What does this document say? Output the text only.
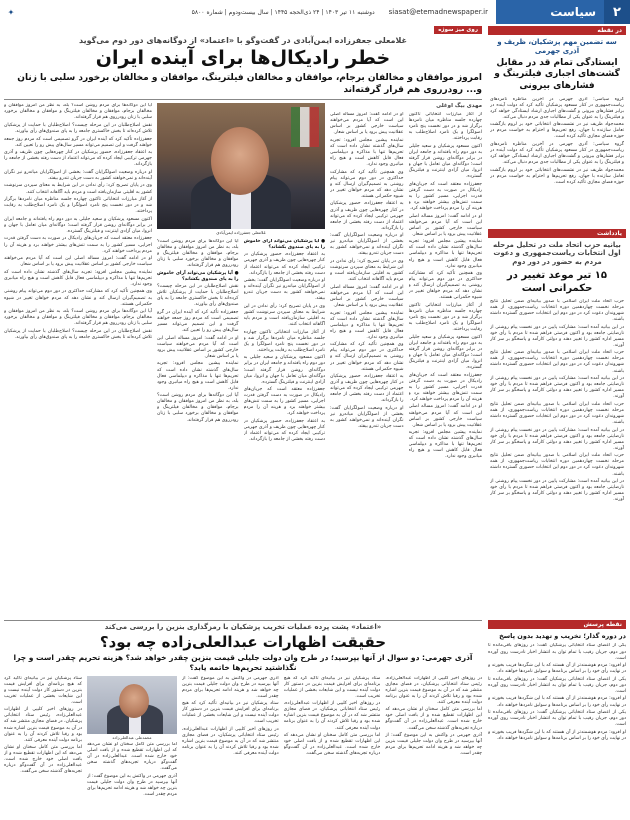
۲
سیاست
siasat@etemadnewspaper.ir
دوشنبه ۱۱ تیر ۱۴۰۳ | ۲۴ ذی‌الحجه ۱۴۴۵ | سال بیست‌ودوم | شماره ۵۸۰۰
✦
در نقطه
سه تضمین مهم پزشکیان، ظریف و آذری جهرمی
ایستادگی تمام قد در مقابل گشت‌های اجباری فیلترینگ و فشارهای بیرونی

گروه سیاسی: آذری جهرمی در آخرین مناظره نامزدهای ریاست‌جمهوری در کنار مسعود پزشکیان تأکید کرد که دولت آینده در برابر فشارهای بیرونی و گشت‌های اجباری ارشاد ایستادگی خواهد کرد و فیلترینگ را به عنوان یکی از مطالبات جدی مردم دنبال می‌کند.

محمدجواد ظریف نیز در نشست‌های انتخاباتی خود بر لزوم بازگشت تعامل سازنده با جهان، رفع تحریم‌ها و احترام به خواست مردم در حوزه فضای مجازی تأکید کرده است.

گروه سیاسی: آذری جهرمی در آخرین مناظره نامزدهای ریاست‌جمهوری در کنار مسعود پزشکیان تأکید کرد که دولت آینده در برابر فشارهای بیرونی و گشت‌های اجباری ارشاد ایستادگی خواهد کرد و فیلترینگ را به عنوان یکی از مطالبات جدی مردم دنبال می‌کند.

محمدجواد ظریف نیز در نشست‌های انتخاباتی خود بر لزوم بازگشت تعامل سازنده با جهان، رفع تحریم‌ها و احترام به خواست مردم در حوزه فضای مجازی تأکید کرده است.

یادداشت
بیانیه حزب اتحاد ملت در تحلیل مرحله اول انتخابات ریاست‌جمهوری و دعوت مردم به حضور در دور دوم
۱۵ تیر موعد تغییر در حکمرانی است

حزب اتحاد ملت ایران اسلامی با صدور بیانیه‌ای ضمن تحلیل نتایج مرحله نخست چهاردهمین دوره انتخابات ریاست‌جمهوری، از همه شهروندان دعوت کرد در دور دوم این انتخابات حضوری گسترده داشته باشند.

در این بیانیه آمده است: مشارکت پایین در دور نخست پیام روشنی از نارضایتی جامعه بود و اکنون فرصتی فراهم شده تا مردم با رأی خود مسیر اداره کشور را تغییر دهند و دولتی کارآمد و پاسخگو بر سر کار آورند.

حزب اتحاد ملت ایران اسلامی با صدور بیانیه‌ای ضمن تحلیل نتایج مرحله نخست چهاردهمین دوره انتخابات ریاست‌جمهوری، از همه شهروندان دعوت کرد در دور دوم این انتخابات حضوری گسترده داشته باشند.

در این بیانیه آمده است: مشارکت پایین در دور نخست پیام روشنی از نارضایتی جامعه بود و اکنون فرصتی فراهم شده تا مردم با رأی خود مسیر اداره کشور را تغییر دهند و دولتی کارآمد و پاسخگو بر سر کار آورند.

حزب اتحاد ملت ایران اسلامی با صدور بیانیه‌ای ضمن تحلیل نتایج مرحله نخست چهاردهمین دوره انتخابات ریاست‌جمهوری، از همه شهروندان دعوت کرد در دور دوم این انتخابات حضوری گسترده داشته باشند.

در این بیانیه آمده است: مشارکت پایین در دور نخست پیام روشنی از نارضایتی جامعه بود و اکنون فرصتی فراهم شده تا مردم با رأی خود مسیر اداره کشور را تغییر دهند و دولتی کارآمد و پاسخگو بر سر کار آورند.

حزب اتحاد ملت ایران اسلامی با صدور بیانیه‌ای ضمن تحلیل نتایج مرحله نخست چهاردهمین دوره انتخابات ریاست‌جمهوری، از همه شهروندان دعوت کرد در دور دوم این انتخابات حضوری گسترده داشته باشند.

در این بیانیه آمده است: مشارکت پایین در دور نخست پیام روشنی از نارضایتی جامعه بود و اکنون فرصتی فراهم شده تا مردم با رأی خود مسیر اداره کشور را تغییر دهند و دولتی کارآمد و پاسخگو بر سر کار آورند.

روی میز سوژه
غلامعلی جعفرزاده ایمن‌آبادی در گفت‌وگو با «اعتماد» از دوگانه‌های دور دوم می‌گوید
خطر رادیکال‌ها برای آینده ایران
امروز موافقان و مخالفان برجام، موافقان و مخالفان فیلترینگ، موافقان و مخالفان برخورد سلبی با زنان و... رودرروی هم قرار گرفته‌اند
مهدی بیگ اوغلی

از آغاز مبارزات انتخاباتی تاکنون چهارده جلسه مناظره میان نامزدها برگزار شد و در دور نخست پنج نامزد اصولگرا و یک نامزد اصلاح‌طلب به رقابت پرداختند.

اکنون مسعود پزشکیان و سعید جلیلی به دور دوم راه یافته‌اند و جامعه ایران در برابر دوگانه‌ای روشن قرار گرفته است؛ دوگانه‌ای میان تعامل با جهان و انزوا، میان آزادی اینترنت و فیلترینگ گسترده.

جعفرزاده معتقد است که جریان‌های رادیکال در صورت به دست گرفتن قدرت اجرایی، مسیر کشور را به سمت تنش‌های بیشتر خواهند برد و هزینه آن را مردم پرداخت خواهند کرد.

او در ادامه گفت: امروز مساله اصلی این است که آیا مردم می‌خواهند سیاست خارجی کشور بر اساس عقلانیت پیش برود یا بر اساس شعار.

نماینده پیشین مجلس افزود: تجربه سال‌های گذشته نشان داده است که تحریم‌ها تنها با مذاکره و دیپلماسی فعال قابل کاهش است و هیچ راه میانبری وجود ندارد.

وی همچنین تأکید کرد که مشارکت حداکثری در دور دوم می‌تواند پیام روشنی به تصمیم‌گیران ارسال کند و نشان دهد که مردم خواهان تغییر در شیوه حکمرانی هستند.

از آغاز مبارزات انتخاباتی تاکنون چهارده جلسه مناظره میان نامزدها برگزار شد و در دور نخست پنج نامزد اصولگرا و یک نامزد اصلاح‌طلب به رقابت پرداختند.

اکنون مسعود پزشکیان و سعید جلیلی به دور دوم راه یافته‌اند و جامعه ایران در برابر دوگانه‌ای روشن قرار گرفته است؛ دوگانه‌ای میان تعامل با جهان و انزوا، میان آزادی اینترنت و فیلترینگ گسترده.

جعفرزاده معتقد است که جریان‌های رادیکال در صورت به دست گرفتن قدرت اجرایی، مسیر کشور را به سمت تنش‌های بیشتر خواهند برد و هزینه آن را مردم پرداخت خواهند کرد.

او در ادامه گفت: امروز مساله اصلی این است که آیا مردم می‌خواهند سیاست خارجی کشور بر اساس عقلانیت پیش برود یا بر اساس شعار.

نماینده پیشین مجلس افزود: تجربه سال‌های گذشته نشان داده است که تحریم‌ها تنها با مذاکره و دیپلماسی فعال قابل کاهش است و هیچ راه میانبری وجود ندارد.

او در ادامه گفت: امروز مساله اصلی این است که آیا مردم می‌خواهند سیاست خارجی کشور بر اساس عقلانیت پیش برود یا بر اساس شعار.

نماینده پیشین مجلس افزود: تجربه سال‌های گذشته نشان داده است که تحریم‌ها تنها با مذاکره و دیپلماسی فعال قابل کاهش است و هیچ راه میانبری وجود ندارد.

وی همچنین تأکید کرد که مشارکت حداکثری در دور دوم می‌تواند پیام روشنی به تصمیم‌گیران ارسال کند و نشان دهد که مردم خواهان تغییر در شیوه حکمرانی هستند.

به اعتقاد جعفرزاده، حضور پزشکیان در کنار چهره‌هایی چون ظریف و آذری جهرمی ترکیبی ایجاد کرده که می‌تواند اعتماد از دست رفته بخشی از جامعه را بازگرداند.

او درباره وضعیت اصولگرایان گفت: بخشی از اصولگرایان میانه‌رو نیز نگران آینده‌اند و نمی‌خواهند کشور به دست جریان تندرو بیفتد.

وی در پایان تصریح کرد: رأی ندادن در این شرایط به معنای سپردن سرنوشت کشور به اقلیتی سازمان‌یافته است و مردم باید آگاهانه انتخاب کنند.

او در ادامه گفت: امروز مساله اصلی این است که آیا مردم می‌خواهند سیاست خارجی کشور بر اساس عقلانیت پیش برود یا بر اساس شعار.

نماینده پیشین مجلس افزود: تجربه سال‌های گذشته نشان داده است که تحریم‌ها تنها با مذاکره و دیپلماسی فعال قابل کاهش است و هیچ راه میانبری وجود ندارد.

وی همچنین تأکید کرد که مشارکت حداکثری در دور دوم می‌تواند پیام روشنی به تصمیم‌گیران ارسال کند و نشان دهد که مردم خواهان تغییر در شیوه حکمرانی هستند.

به اعتقاد جعفرزاده، حضور پزشکیان در کنار چهره‌هایی چون ظریف و آذری جهرمی ترکیبی ایجاد کرده که می‌تواند اعتماد از دست رفته بخشی از جامعه را بازگرداند.

او درباره وضعیت اصولگرایان گفت: بخشی از اصولگرایان میانه‌رو نیز نگران آینده‌اند و نمی‌خواهند کشور به دست جریان تندرو بیفتد.

غلامعلی جعفرزاده ایمن‌آبادی

● آیا پزشکیان می‌تواند آرای خاموش را به پای صندوق بکشاند؟

به اعتقاد جعفرزاده، حضور پزشکیان در کنار چهره‌هایی چون ظریف و آذری جهرمی ترکیبی ایجاد کرده که می‌تواند اعتماد از دست رفته بخشی از جامعه را بازگرداند.

او درباره وضعیت اصولگرایان گفت: بخشی از اصولگرایان میانه‌رو نیز نگران آینده‌اند و نمی‌خواهند کشور به دست جریان تندرو بیفتد.

وی در پایان تصریح کرد: رأی ندادن در این شرایط به معنای سپردن سرنوشت کشور به اقلیتی سازمان‌یافته است و مردم باید آگاهانه انتخاب کنند.

از آغاز مبارزات انتخاباتی تاکنون چهارده جلسه مناظره میان نامزدها برگزار شد و در دور نخست پنج نامزد اصولگرا و یک نامزد اصلاح‌طلب به رقابت پرداختند.

اکنون مسعود پزشکیان و سعید جلیلی به دور دوم راه یافته‌اند و جامعه ایران در برابر دوگانه‌ای روشن قرار گرفته است؛ دوگانه‌ای میان تعامل با جهان و انزوا، میان آزادی اینترنت و فیلترینگ گسترده.

جعفرزاده معتقد است که جریان‌های رادیکال در صورت به دست گرفتن قدرت اجرایی، مسیر کشور را به سمت تنش‌های بیشتر خواهند برد و هزینه آن را مردم پرداخت خواهند کرد.

به اعتقاد جعفرزاده، حضور پزشکیان در کنار چهره‌هایی چون ظریف و آذری جهرمی ترکیبی ایجاد کرده که می‌تواند اعتماد از دست رفته بخشی از جامعه را بازگرداند.

آیا این دوگانه‌ها برای مردم روشن است؟ بله، به نظر من امروز موافقان و مخالفان برجام، موافقان و مخالفان فیلترینگ و موافقان و مخالفان برخورد سلبی با زنان رودرروی هم قرار گرفته‌اند.

● آیا پزشکیان می‌تواند آرای خاموش را به پای صندوق بکشاند؟

نقش اصلاح‌طلبان در این مرحله چیست؟ اصلاح‌طلبان با حمایت از پزشکیان تلاش کرده‌اند تا بخش خاکستری جامعه را به پای صندوق‌های رأی بیاورند.

جعفرزاده تأکید کرد که آینده ایران در گرو تصمیمی است که مردم روز جمعه خواهند گرفت و این تصمیم می‌تواند مسیر سال‌های پیش رو را تعیین کند.

او در ادامه گفت: امروز مساله اصلی این است که آیا مردم می‌خواهند سیاست خارجی کشور بر اساس عقلانیت پیش برود یا بر اساس شعار.

نماینده پیشین مجلس افزود: تجربه سال‌های گذشته نشان داده است که تحریم‌ها تنها با مذاکره و دیپلماسی فعال قابل کاهش است و هیچ راه میانبری وجود ندارد.

آیا این دوگانه‌ها برای مردم روشن است؟ بله، به نظر من امروز موافقان و مخالفان برجام، موافقان و مخالفان فیلترینگ و موافقان و مخالفان برخورد سلبی با زنان رودرروی هم قرار گرفته‌اند.

آیا این دوگانه‌ها برای مردم روشن است؟ بله، به نظر من امروز موافقان و مخالفان برجام، موافقان و مخالفان فیلترینگ و موافقان و مخالفان برخورد سلبی با زنان رودرروی هم قرار گرفته‌اند.

نقش اصلاح‌طلبان در این مرحله چیست؟ اصلاح‌طلبان با حمایت از پزشکیان تلاش کرده‌اند تا بخش خاکستری جامعه را به پای صندوق‌های رأی بیاورند.

جعفرزاده تأکید کرد که آینده ایران در گرو تصمیمی است که مردم روز جمعه خواهند گرفت و این تصمیم می‌تواند مسیر سال‌های پیش رو را تعیین کند.

به اعتقاد جعفرزاده، حضور پزشکیان در کنار چهره‌هایی چون ظریف و آذری جهرمی ترکیبی ایجاد کرده که می‌تواند اعتماد از دست رفته بخشی از جامعه را بازگرداند.

او درباره وضعیت اصولگرایان گفت: بخشی از اصولگرایان میانه‌رو نیز نگران آینده‌اند و نمی‌خواهند کشور به دست جریان تندرو بیفتد.

وی در پایان تصریح کرد: رأی ندادن در این شرایط به معنای سپردن سرنوشت کشور به اقلیتی سازمان‌یافته است و مردم باید آگاهانه انتخاب کنند.

از آغاز مبارزات انتخاباتی تاکنون چهارده جلسه مناظره میان نامزدها برگزار شد و در دور نخست پنج نامزد اصولگرا و یک نامزد اصلاح‌طلب به رقابت پرداختند.

اکنون مسعود پزشکیان و سعید جلیلی به دور دوم راه یافته‌اند و جامعه ایران در برابر دوگانه‌ای روشن قرار گرفته است؛ دوگانه‌ای میان تعامل با جهان و انزوا، میان آزادی اینترنت و فیلترینگ گسترده.

جعفرزاده معتقد است که جریان‌های رادیکال در صورت به دست گرفتن قدرت اجرایی، مسیر کشور را به سمت تنش‌های بیشتر خواهند برد و هزینه آن را مردم پرداخت خواهند کرد.

او در ادامه گفت: امروز مساله اصلی این است که آیا مردم می‌خواهند سیاست خارجی کشور بر اساس عقلانیت پیش برود یا بر اساس شعار.

نماینده پیشین مجلس افزود: تجربه سال‌های گذشته نشان داده است که تحریم‌ها تنها با مذاکره و دیپلماسی فعال قابل کاهش است و هیچ راه میانبری وجود ندارد.

وی همچنین تأکید کرد که مشارکت حداکثری در دور دوم می‌تواند پیام روشنی به تصمیم‌گیران ارسال کند و نشان دهد که مردم خواهان تغییر در شیوه حکمرانی هستند.

آیا این دوگانه‌ها برای مردم روشن است؟ بله، به نظر من امروز موافقان و مخالفان برجام، موافقان و مخالفان فیلترینگ و موافقان و مخالفان برخورد سلبی با زنان رودرروی هم قرار گرفته‌اند.

نقش اصلاح‌طلبان در این مرحله چیست؟ اصلاح‌طلبان با حمایت از پزشکیان تلاش کرده‌اند تا بخش خاکستری جامعه را به پای صندوق‌های رأی بیاورند.

«اعتماد» پشت پرده عملیات تخریب پزشکیان با رمزگذاری بنزین را بررسی می‌کند
حقیقت اظهارات عبدالعلی‌زاده چه بود؟
آذری جهرمی: دو سوال از آنها بپرسید؛ در طرح وان دولت جلیلی قیمت بنزین چقدر خواهد شد؟ هزینه تحریم چقدر است و چرا نگذاشتید تحریم‌ها خاتمه یابد؟

در روزهای اخیر کلیپی از اظهارات عبدالعلی‌زاده، رئیس ستاد انتخاباتی پزشکیان، در فضای مجازی منتشر شد که در آن به موضوع قیمت بنزین اشاره شده بود و رقبا تلاش کردند آن را به عنوان برنامه دولت آینده معرفی کنند.

اما بررسی متن کامل سخنان او نشان می‌دهد که این اظهارات تقطیع شده و از بافت اصلی خود خارج شده است. عبدالعلی‌زاده در آن گفت‌وگو درباره تجربه‌های گذشته سخن می‌گفت.

آذری جهرمی در واکنش به این موضوع گفت: از آنها بپرسید در طرح وان دولت جلیلی قیمت بنزین چه خواهد شد و هزینه ادامه تحریم‌ها برای مردم چقدر است.

ستاد پزشکیان نیز در بیانیه‌ای تأکید کرد که هیچ برنامه‌ای برای افزایش قیمت بنزین در دستور کار دولت آینده نیست و این شایعات بخشی از عملیات تخریب است.

در روزهای اخیر کلیپی از اظهارات عبدالعلی‌زاده، رئیس ستاد انتخاباتی پزشکیان، در فضای مجازی منتشر شد که در آن به موضوع قیمت بنزین اشاره شده بود و رقبا تلاش کردند آن را به عنوان برنامه دولت آینده معرفی کنند.

اما بررسی متن کامل سخنان او نشان می‌دهد که این اظهارات تقطیع شده و از بافت اصلی خود خارج شده است. عبدالعلی‌زاده در آن گفت‌وگو درباره تجربه‌های گذشته سخن می‌گفت.

آذری جهرمی در واکنش به این موضوع گفت: از آنها بپرسید در طرح وان دولت جلیلی قیمت بنزین چه خواهد شد و هزینه ادامه تحریم‌ها برای مردم چقدر است.

ستاد پزشکیان نیز در بیانیه‌ای تأکید کرد که هیچ برنامه‌ای برای افزایش قیمت بنزین در دستور کار دولت آینده نیست و این شایعات بخشی از عملیات تخریب است.

در روزهای اخیر کلیپی از اظهارات عبدالعلی‌زاده، رئیس ستاد انتخاباتی پزشکیان، در فضای مجازی منتشر شد که در آن به موضوع قیمت بنزین اشاره شده بود و رقبا تلاش کردند آن را به عنوان برنامه دولت آینده معرفی کنند.

محمدعلی عبدالعلی‌زاده

اما بررسی متن کامل سخنان او نشان می‌دهد که این اظهارات تقطیع شده و از بافت اصلی خود خارج شده است. عبدالعلی‌زاده در آن گفت‌وگو درباره تجربه‌های گذشته سخن می‌گفت.

آذری جهرمی در واکنش به این موضوع گفت: از آنها بپرسید در طرح وان دولت جلیلی قیمت بنزین چه خواهد شد و هزینه ادامه تحریم‌ها برای مردم چقدر است.

ستاد پزشکیان نیز در بیانیه‌ای تأکید کرد که هیچ برنامه‌ای برای افزایش قیمت بنزین در دستور کار دولت آینده نیست و این شایعات بخشی از عملیات تخریب است.

در روزهای اخیر کلیپی از اظهارات عبدالعلی‌زاده، رئیس ستاد انتخاباتی پزشکیان، در فضای مجازی منتشر شد که در آن به موضوع قیمت بنزین اشاره شده بود و رقبا تلاش کردند آن را به عنوان برنامه دولت آینده معرفی کنند.

اما بررسی متن کامل سخنان او نشان می‌دهد که این اظهارات تقطیع شده و از بافت اصلی خود خارج شده است. عبدالعلی‌زاده در آن گفت‌وگو درباره تجربه‌های گذشته سخن می‌گفت.

نقطه پرسش
در دوره گذار؛ تخریب و تهدید بدون پاسخ

یکی از اعضای ستاد انتخاباتی پزشکیان گفت: در روزهای باقی‌مانده تا دور دوم، جریان رقیب با تمام توان به انتشار اخبار نادرست روی آورده است.

او افزود: مردم هوشمندتر از آن هستند که با این شگردها فریب بخورند و در نهایت رأی خود را بر اساس برنامه‌ها و سوابق نامزدها خواهند داد.

یکی از اعضای ستاد انتخاباتی پزشکیان گفت: در روزهای باقی‌مانده تا دور دوم، جریان رقیب با تمام توان به انتشار اخبار نادرست روی آورده است.

او افزود: مردم هوشمندتر از آن هستند که با این شگردها فریب بخورند و در نهایت رأی خود را بر اساس برنامه‌ها و سوابق نامزدها خواهند داد.

یکی از اعضای ستاد انتخاباتی پزشکیان گفت: در روزهای باقی‌مانده تا دور دوم، جریان رقیب با تمام توان به انتشار اخبار نادرست روی آورده است.

او افزود: مردم هوشمندتر از آن هستند که با این شگردها فریب بخورند و در نهایت رأی خود را بر اساس برنامه‌ها و سوابق نامزدها خواهند داد.
